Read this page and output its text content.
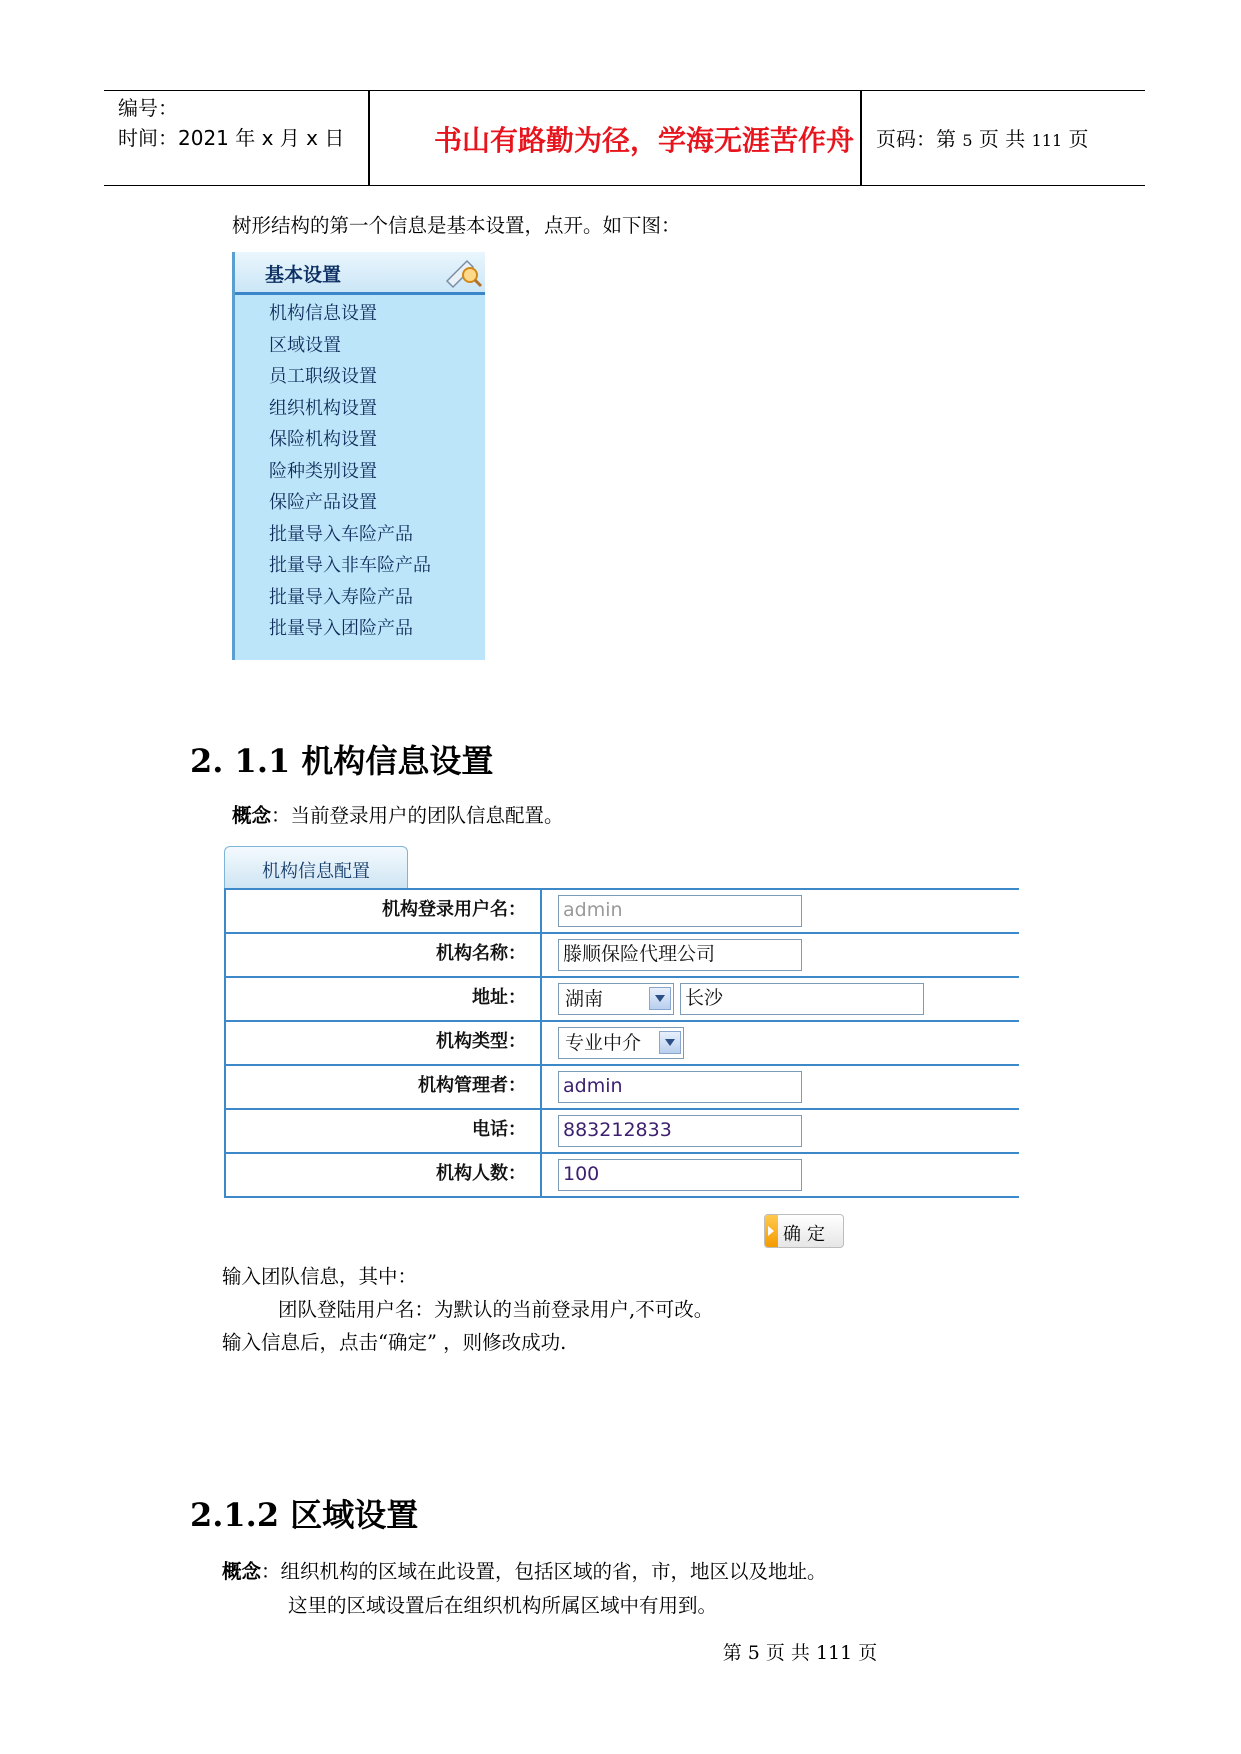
编号：
时间：2021 年 x 月 x 日	书山有路勤为径，学海无涯苦作舟	页码：第 5 页 共 111 页
树形结构的第一个信息是基本设置，点开。如下图：
基本设置
机构信息设置
区域设置
员工职级设置
组织机构设置
保险机构设置
险种类别设置
保险产品设置
批量导入车险产品
批量导入非车险产品
批量导入寿险产品
批量导入团险产品
2. 1.1 机构信息设置
概念：当前登录用户的团队信息配置。
机构信息配置
机构登录用户名：	admin
机构名称：	滕顺保险代理公司
地址：	湖南	长沙
机构类型：	专业中介
机构管理者：	admin
电话：	883212833
机构人数：	100
确定
输入团队信息，其中：
团队登陆用户名：为默认的当前登录用户,不可改。
输入信息后，点击“确定” ，则修改成功.
2.1.2 区域设置
概念：组织机构的区域在此设置，包括区域的省，市，地区以及地址。
这里的区域设置后在组织机构所属区域中有用到。
第 5 页 共 111 页
